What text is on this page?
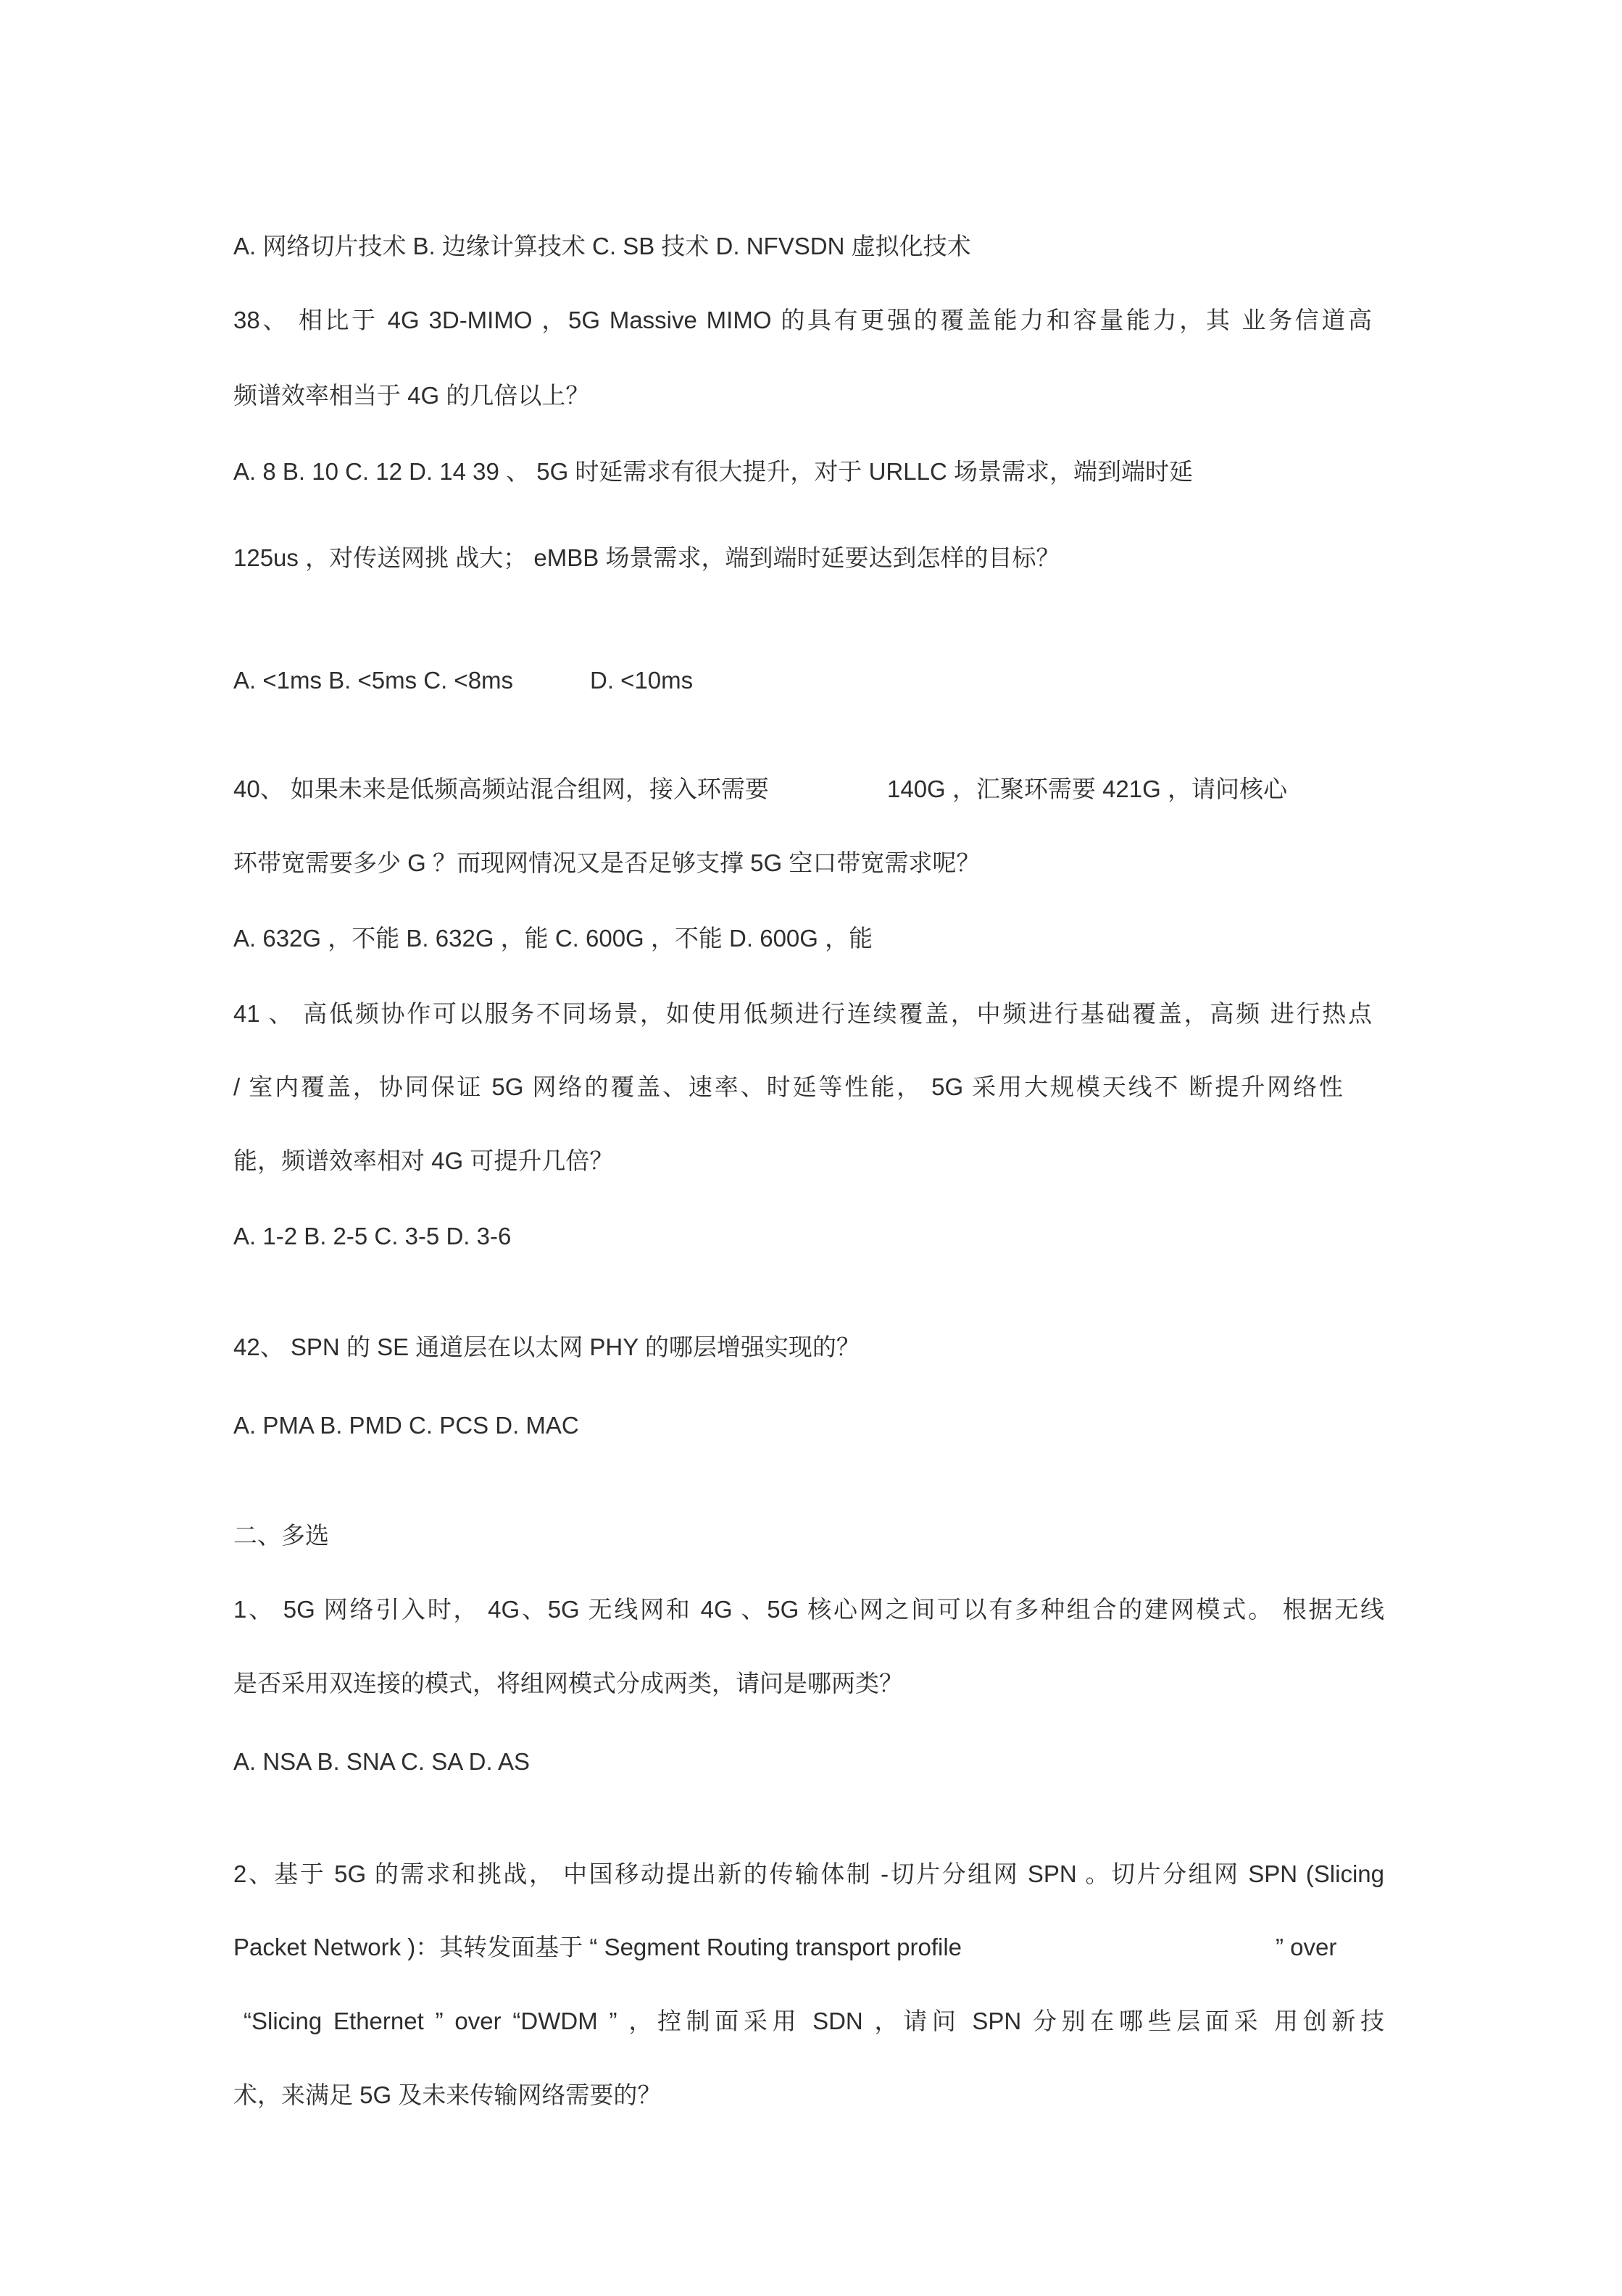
A. 网络切片技术 B. 边缘计算技术 C. SB 技术 D. NFVSDN 虚拟化技术
38、 相比于 4G 3D-MIMO ，5G Massive MIMO 的具有更强的覆盖能力和容量能力，其 业务信道高
频谱效率相当于 4G 的几倍以上？
A. 8 B. 10 C. 12 D. 14 39 、 5G 时延需求有很大提升，对于 URLLC 场景需求，端到端时延
125us ，对传送网挑 战大； eMBB 场景需求，端到端时延要达到怎样的目标？
A. <1ms B. <5ms C. <8ms	D. <10ms
40、 如果未来是低频高频站混合组网，接入环需要	140G ，汇聚环需要 421G ，请问核心
环带宽需要多少 G ？而现网情况又是否足够支撑 5G 空口带宽需求呢？
A. 632G ，不能 B. 632G ，能 C. 600G ，不能 D. 600G ，能
41 、 高低频协作可以服务不同场景，如使用低频进行连续覆盖，中频进行基础覆盖，高频 进行热点
/ 室内覆盖，协同保证 5G 网络的覆盖、速率、时延等性能， 5G 采用大规模天线不 断提升网络性
能，频谱效率相对 4G 可提升几倍？
A. 1-2 B. 2-5 C. 3-5 D. 3-6
42、 SPN 的 SE 通道层在以太网 PHY 的哪层增强实现的？
A. PMA B. PMD C. PCS D. MAC
二、多选
1、 5G 网络引入时， 4G、5G 无线网和 4G 、5G 核心网之间可以有多种组合的建网模式。 根据无线
是否采用双连接的模式，将组网模式分成两类，请问是哪两类？
A. NSA B. SNA C. SA D. AS
2、基于 5G 的需求和挑战， 中国移动提出新的传输体制 -切片分组网 SPN 。切片分组网 SPN (Slicing
Packet Network )：其转发面基于 “ Segment Routing transport profile	” over
“Slicing Ethernet ” over “DWDM ” ，控制面采用 SDN ，请问 SPN 分别在哪些层面采 用创新技
术，来满足 5G 及未来传输网络需要的？
